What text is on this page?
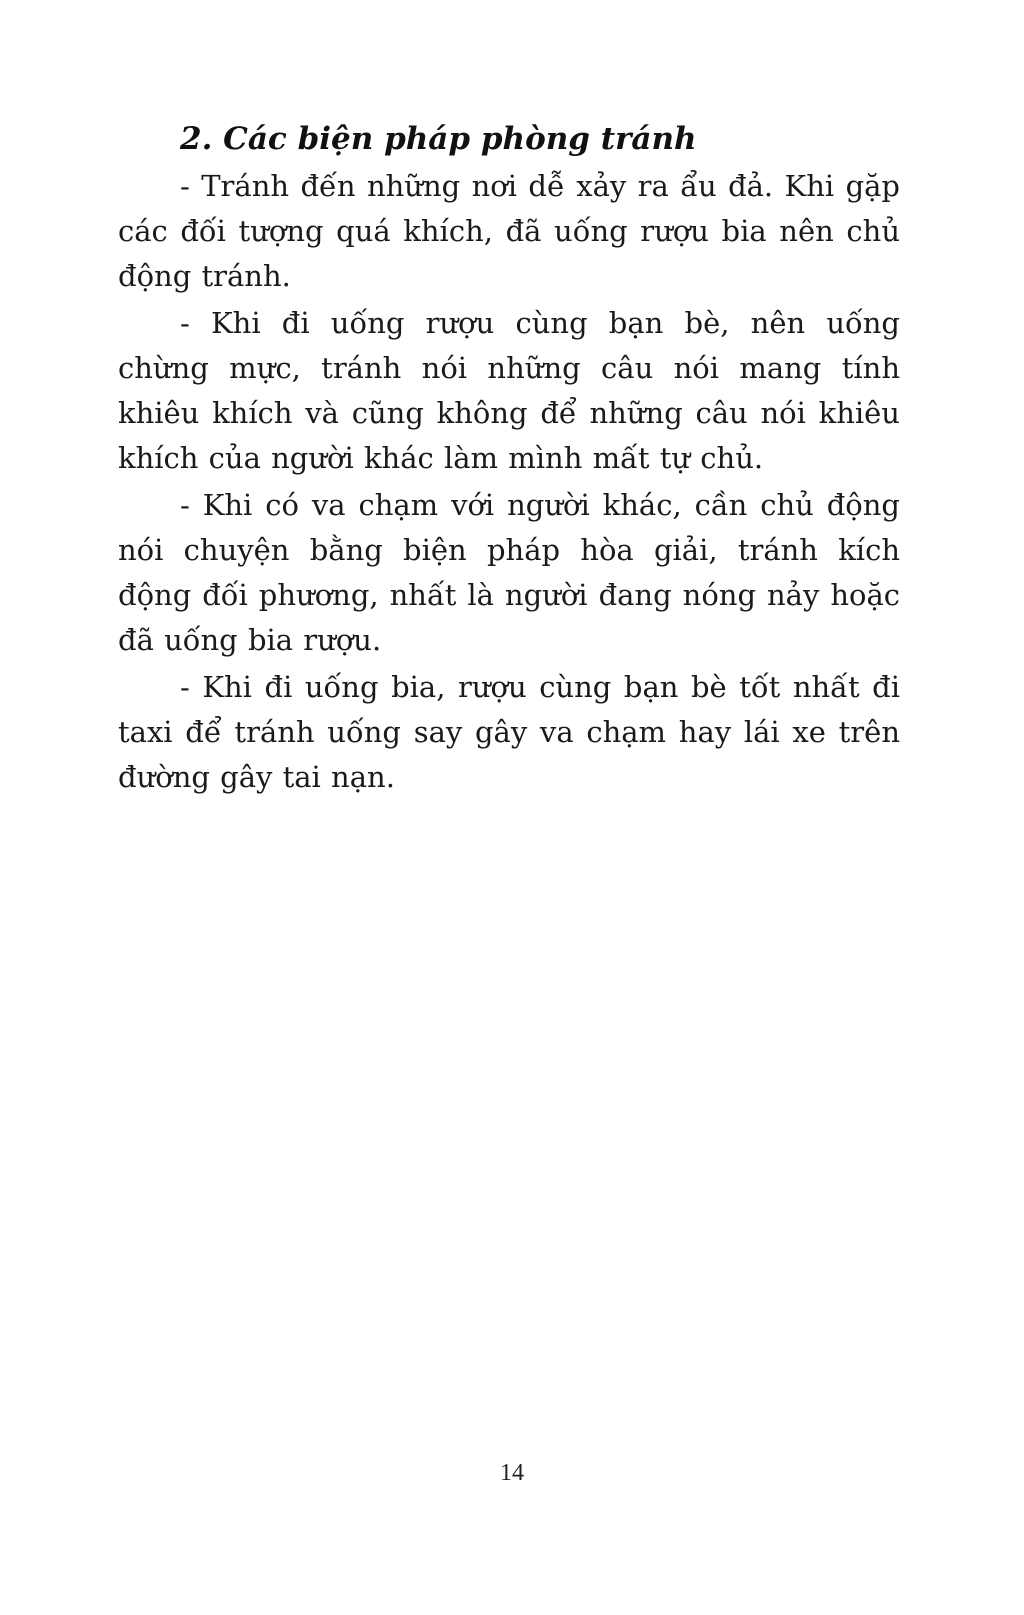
2. Các biện pháp phòng tránh

- Tránh đến những nơi dễ xảy ra ẩu đả. Khi gặp các đối tượng quá khích, đã uống rượu bia nên chủ động tránh.

- Khi đi uống rượu cùng bạn bè, nên uống chừng mực, tránh nói những câu nói mang tính khiêu khích và cũng không để những câu nói khiêu khích của người khác làm mình mất tự chủ.

- Khi có va chạm với người khác, cần chủ động nói chuyện bằng biện pháp hòa giải, tránh kích động đối phương, nhất là người đang nóng nảy hoặc đã uống bia rượu.

- Khi đi uống bia, rượu cùng bạn bè tốt nhất đi taxi để tránh uống say gây va chạm hay lái xe trên đường gây tai nạn.

14
